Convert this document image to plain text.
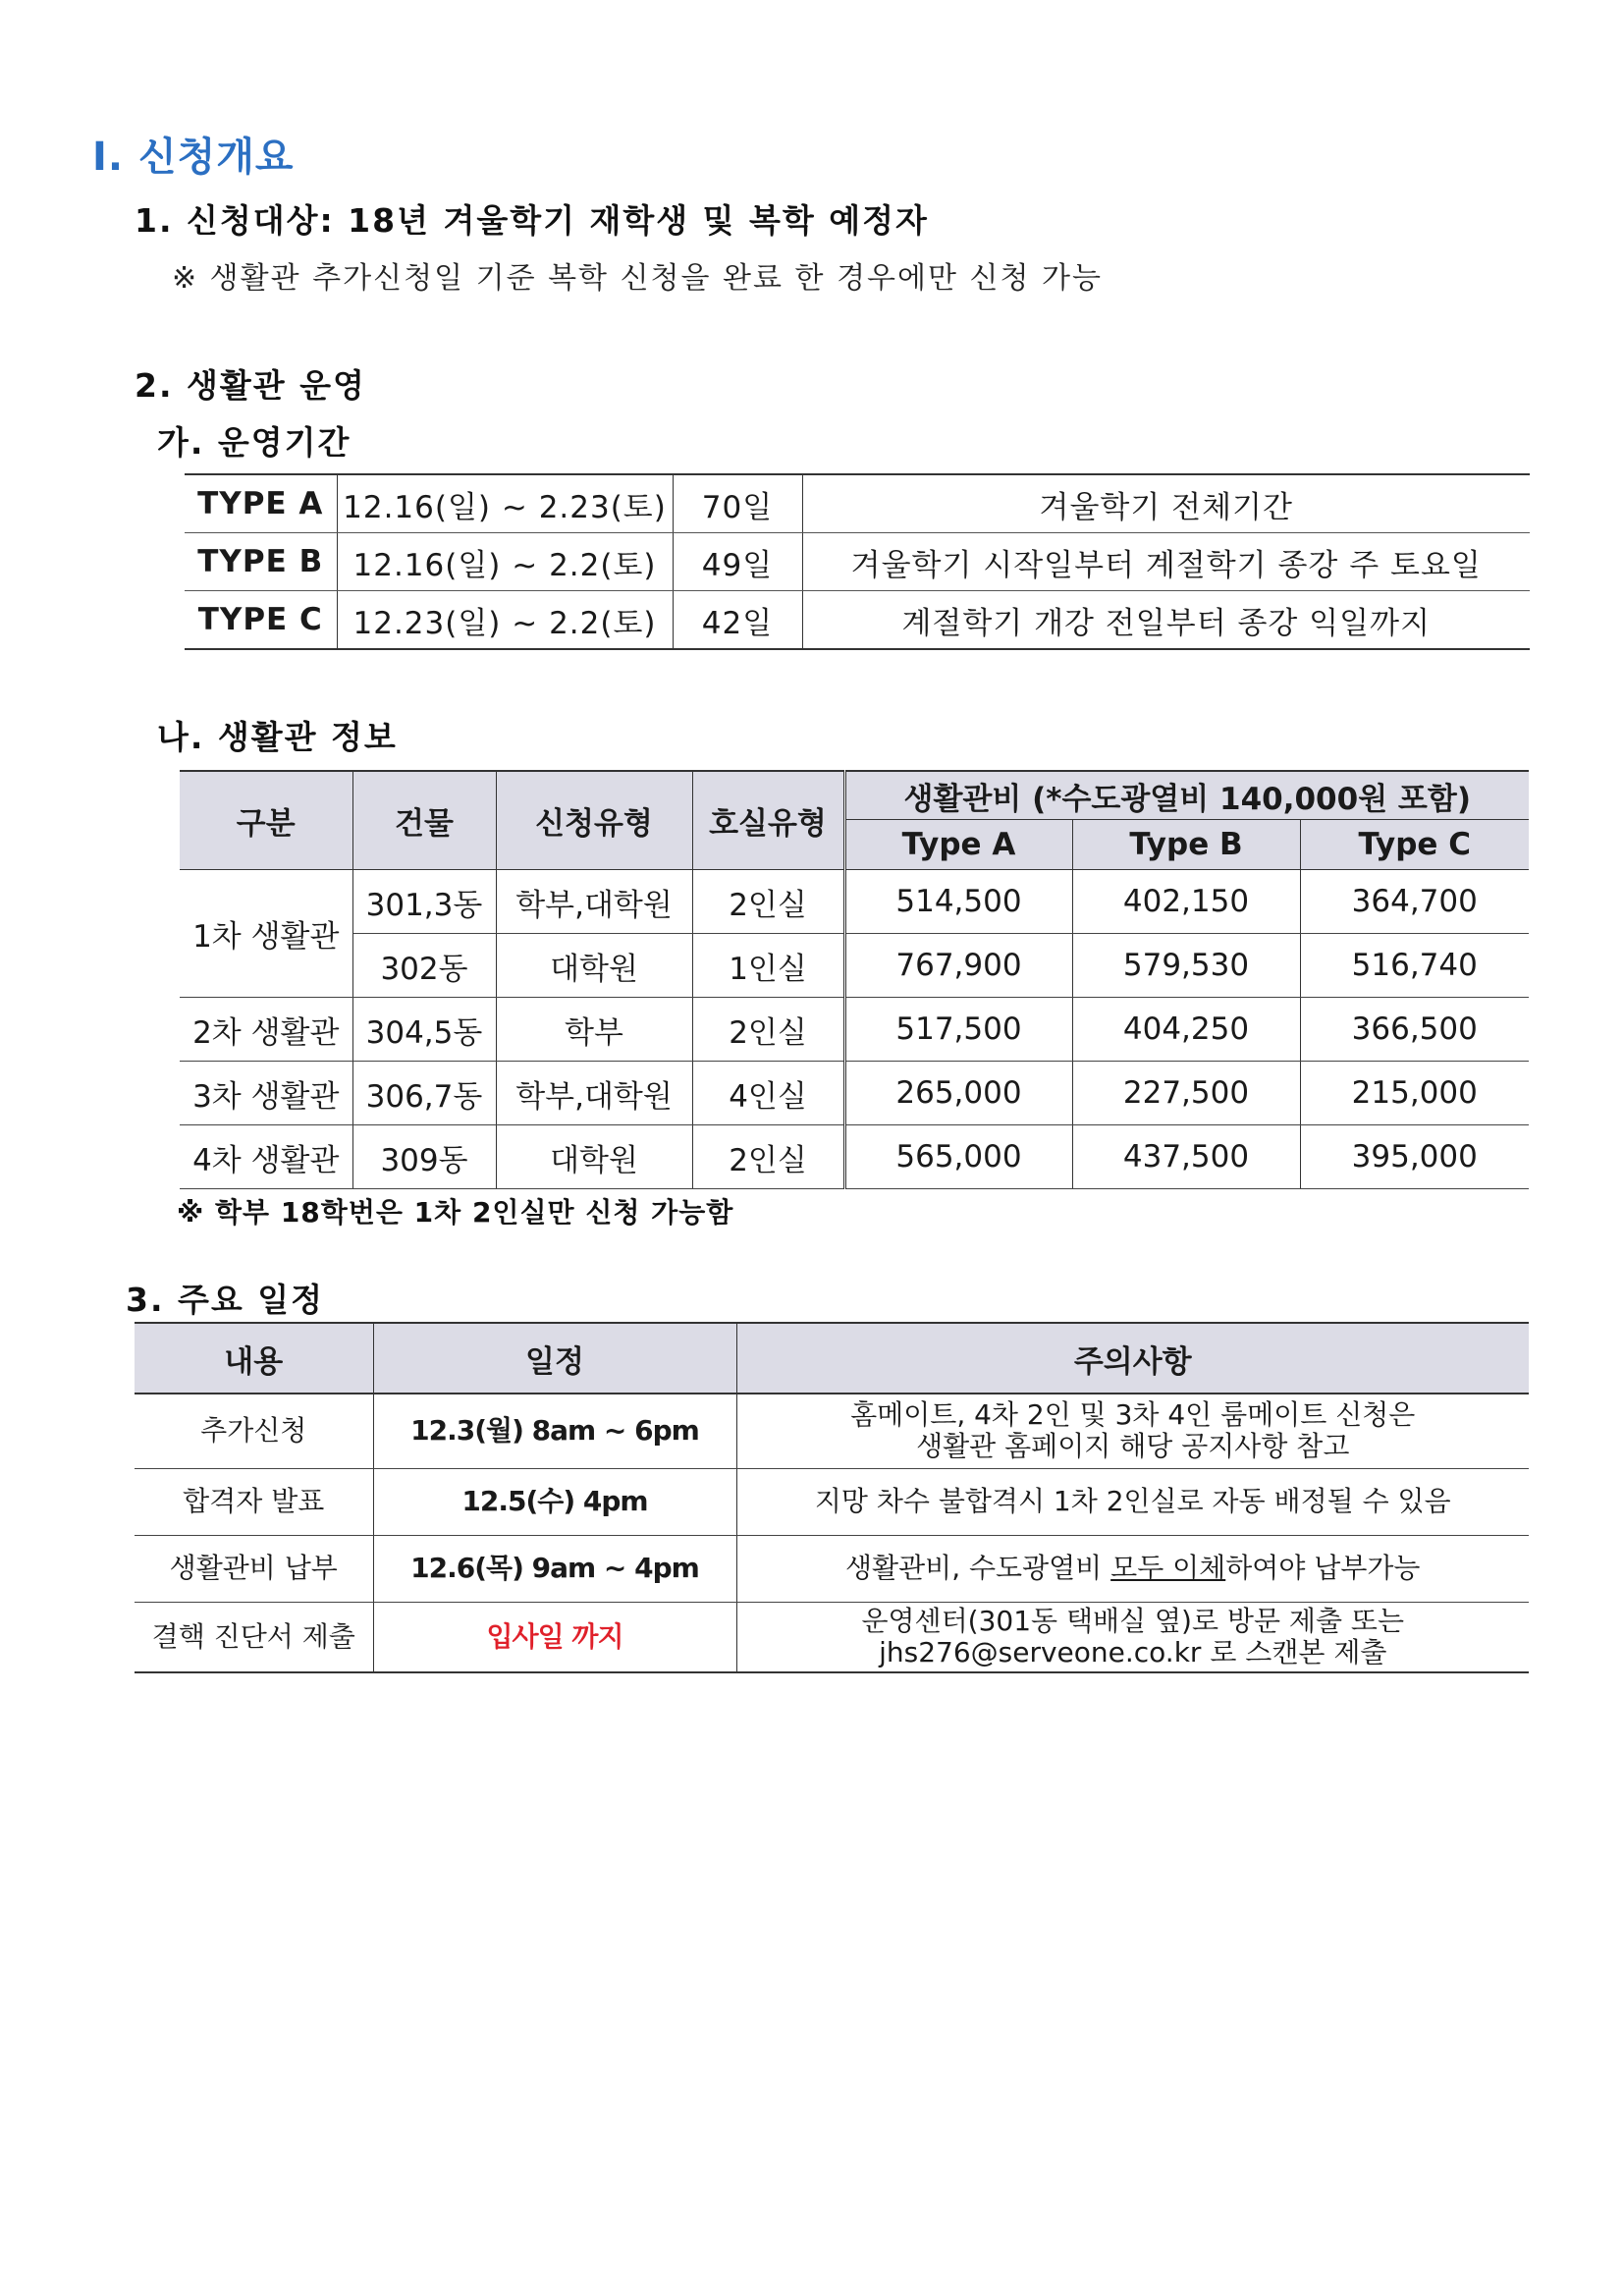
I. 신청개요
1. 신청대상: 18년 겨울학기 재학생 및 복학 예정자
※ 생활관 추가신청일 기준 복학 신청을 완료 한 경우에만 신청 가능
2. 생활관 운영
가. 운영기간
TYPE A	12.16(일) ~ 2.23(토)	70일	겨울학기 전체기간
TYPE B	12.16(일) ~ 2.2(토)	49일	겨울학기 시작일부터 계절학기 종강 주 토요일
TYPE C	12.23(일) ~ 2.2(토)	42일	계절학기 개강 전일부터 종강 익일까지
나. 생활관 정보
구분	건물	신청유형	호실유형	생활관비 (*수도광열비 140,000원 포함)		
				Type A	Type B	Type C
1차 생활관	301,3동	학부,대학원	2인실	514,500	402,150	364,700
	302동	대학원	1인실	767,900	579,530	516,740
2차 생활관	304,5동	학부	2인실	517,500	404,250	366,500
3차 생활관	306,7동	학부,대학원	4인실	265,000	227,500	215,000
4차 생활관	309동	대학원	2인실	565,000	437,500	395,000
※ 학부 18학번은 1차 2인실만 신청 가능함
3. 주요 일정
내용	일정	주의사항
추가신청	12.3(월) 8am ~ 6pm	홈메이트, 4차 2인 및 3차 4인 룸메이트 신청은
생활관 홈페이지 해당 공지사항 참고

합격자 발표	12.5(수) 4pm	지망 차수 불합격시 1차 2인실로 자동 배정될 수 있음

생활관비 납부	12.6(목) 9am ~ 4pm	생활관비, 수도광열비 모두 이체하여야 납부가능
결핵 진단서 제출	입사일 까지	운영센터(301동 택배실 옆)로 방문 제출 또는
jhs276@serveone.co.kr 로 스캔본 제출
